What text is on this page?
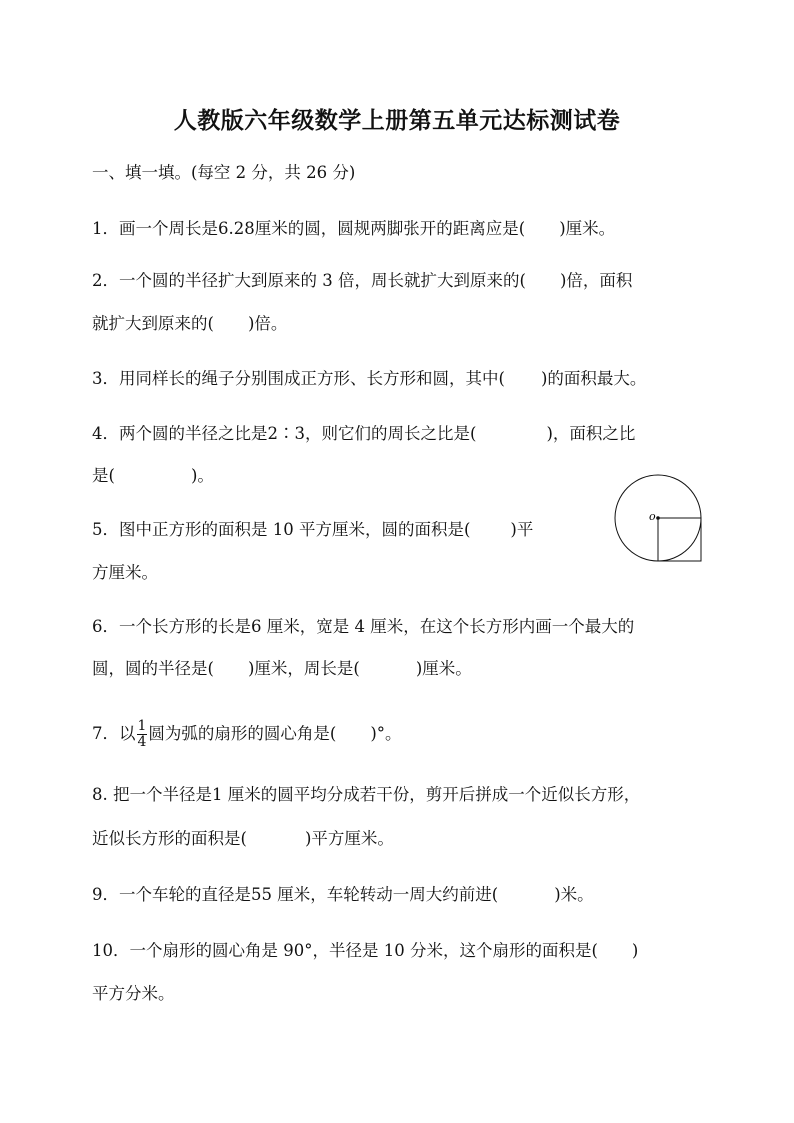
人教版六年级数学上册第五单元达标测试卷
一、填一填。(每空 2 分，共 26 分)
1．画一个周长是6.28厘米的圆，圆规两脚张开的距离应是( )厘米。
2．一个圆的半径扩大到原来的 3 倍，周长就扩大到原来的( )倍，面积
就扩大到原来的( )倍。
3．用同样长的绳子分别围成正方形、长方形和圆，其中( )的面积最大。
4．两个圆的半径之比是2∶3，则它们的周长之比是(	)，面积之比
是(	)。
5．图中正方形的面积是 10 平方厘米，圆的面积是( )平
方厘米。
o
6．一个长方形的长是6 厘米，宽是 4 厘米，在这个长方形内画一个最大的
圆，圆的半径是( )厘米，周长是(	)厘米。
7．以 $\frac{1}{4}$ 圆为弧的扇形的圆心角是( )°。
8. 把一个半径是1 厘米的圆平均分成若干份，剪开后拼成一个近似长方形，
近似长方形的面积是(	)平方厘米。
9．一个车轮的直径是55 厘米，车轮转动一周大约前进(	)米。
10．一个扇形的圆心角是 90°，半径是 10 分米，这个扇形的面积是( )
平方分米。
